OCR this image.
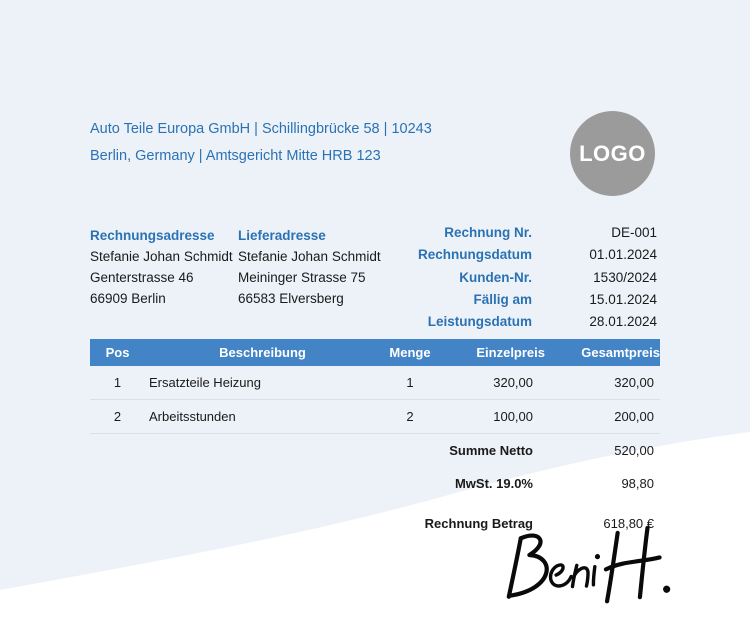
Auto Teile Europa GmbH | Schillingbrücke 58 | 10243
Berlin, Germany | Amtsgericht Mitte HRB 123	LOGO
Rechnungsadresse
Stefanie Johan Schmidt
Genterstrasse 46
66909 Berlin
Lieferadresse
Stefanie Johan Schmidt
Meininger Strasse 75
66583 Elversberg
Rechnung Nr.	DE-001
Rechnungsdatum	01.01.2024
Kunden-Nr.	1530/2024
Fällig am	15.01.2024
Leistungsdatum	28.01.2024
Pos	Beschreibung	Menge	Einzelpreis	Gesamtpreis
1	Ersatzteile Heizung	1	320,00	320,00
2	Arbeitsstunden	2	100,00	200,00
Summe Netto				520,00
MwSt. 19.0%				98,80
Rechnung Betrag				618,80 €
